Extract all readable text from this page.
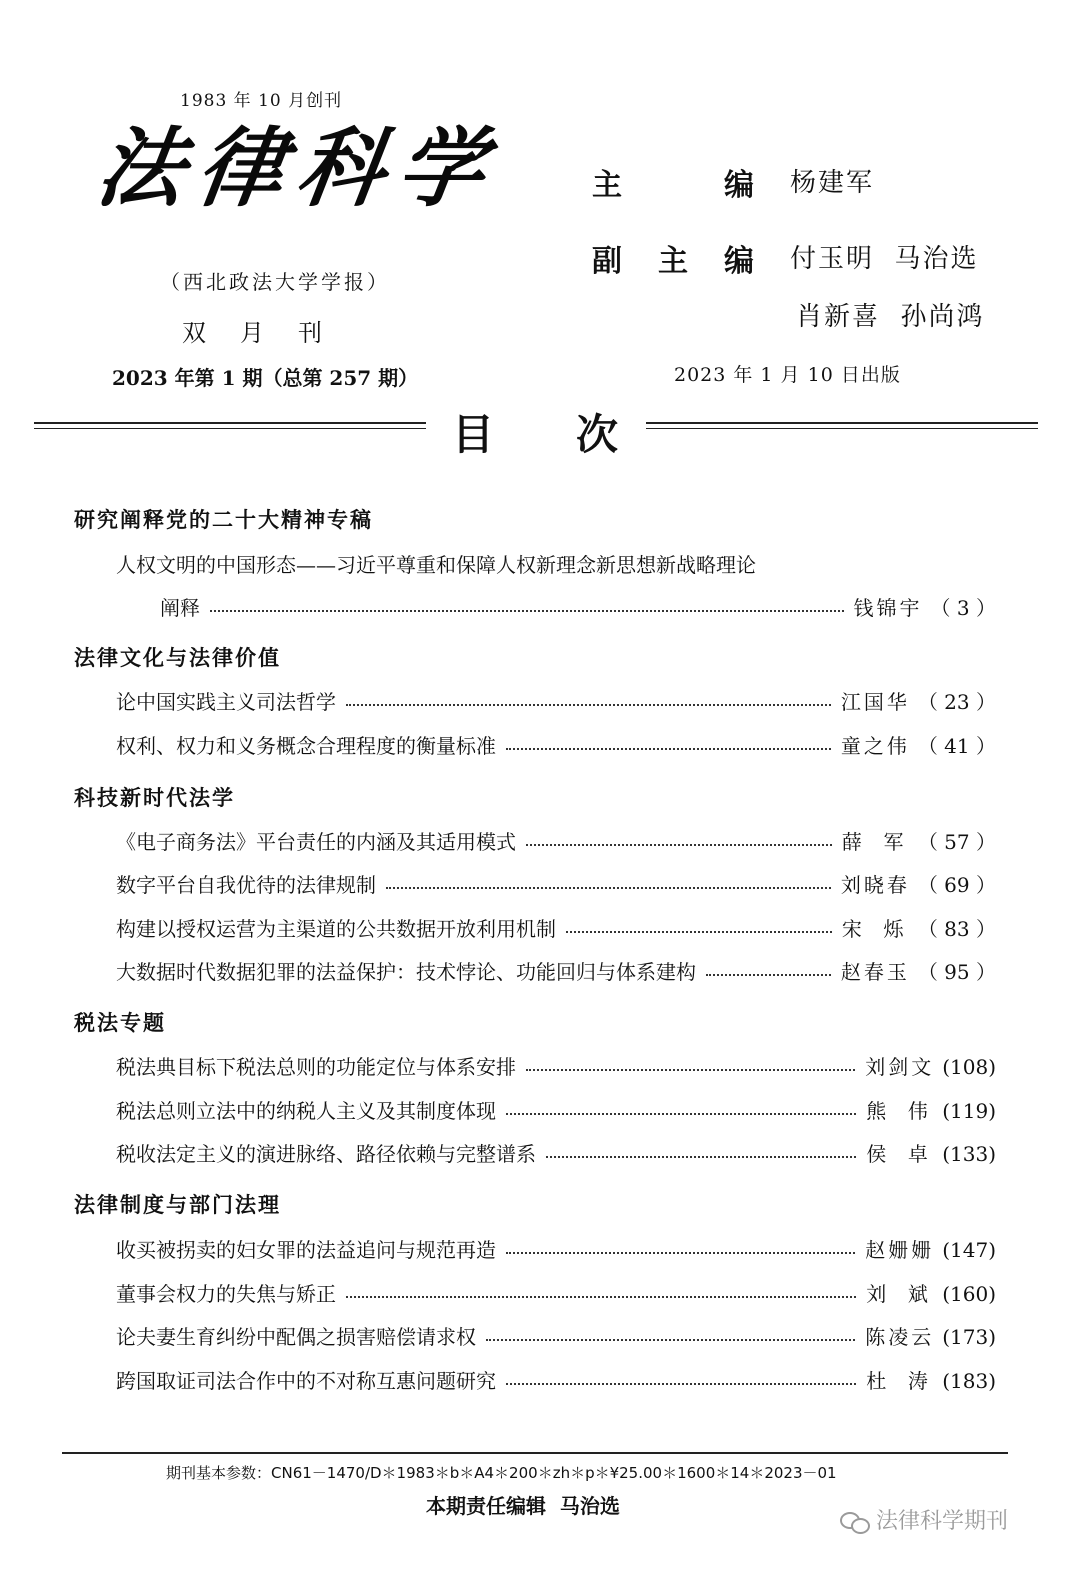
1983 年 10 月创刊
法律科学
（西北政法大学学报）
双 月 刊
2023 年第 1 期（总第 257 期）
主	编 杨建军
副 主 编 付玉明  马治选
肖新喜  孙尚鸿
2023 年 1 月 10 日出版
目 次
研究阐释党的二十大精神专稿
人权文明的中国形态——习近平尊重和保障人权新理念新思想新战略理论
阐释	钱锦宇 （ 3 ）
法律文化与法律价值
论中国实践主义司法哲学	江国华 （ 23 ）
权利、权力和义务概念合理程度的衡量标准	童之伟 （ 41 ）
科技新时代法学
《电子商务法》平台责任的内涵及其适用模式	薛  军 （ 57 ）
数字平台自我优待的法律规制	刘晓春 （ 69 ）
构建以授权运营为主渠道的公共数据开放利用机制	宋  烁 （ 83 ）
大数据时代数据犯罪的法益保护：技术悖论、功能回归与体系建构	赵春玉 （ 95 ）
税法专题
税法典目标下税法总则的功能定位与体系安排	刘剑文 (108)
税法总则立法中的纳税人主义及其制度体现	熊  伟 (119)
税收法定主义的演进脉络、路径依赖与完整谱系	侯  卓 (133)
法律制度与部门法理
收买被拐卖的妇女罪的法益追问与规范再造	赵姗姗 (147)
董事会权力的失焦与矫正	刘  斌 (160)
论夫妻生育纠纷中配偶之损害赔偿请求权	陈凌云 (173)
跨国取证司法合作中的不对称互惠问题研究	杜  涛 (183)
期刊基本参数：CN61－1470/D＊1983＊b＊A4＊200＊zh＊p＊¥25.00＊1600＊14＊2023－01
本期责任编辑  马治选
法律科学期刊
